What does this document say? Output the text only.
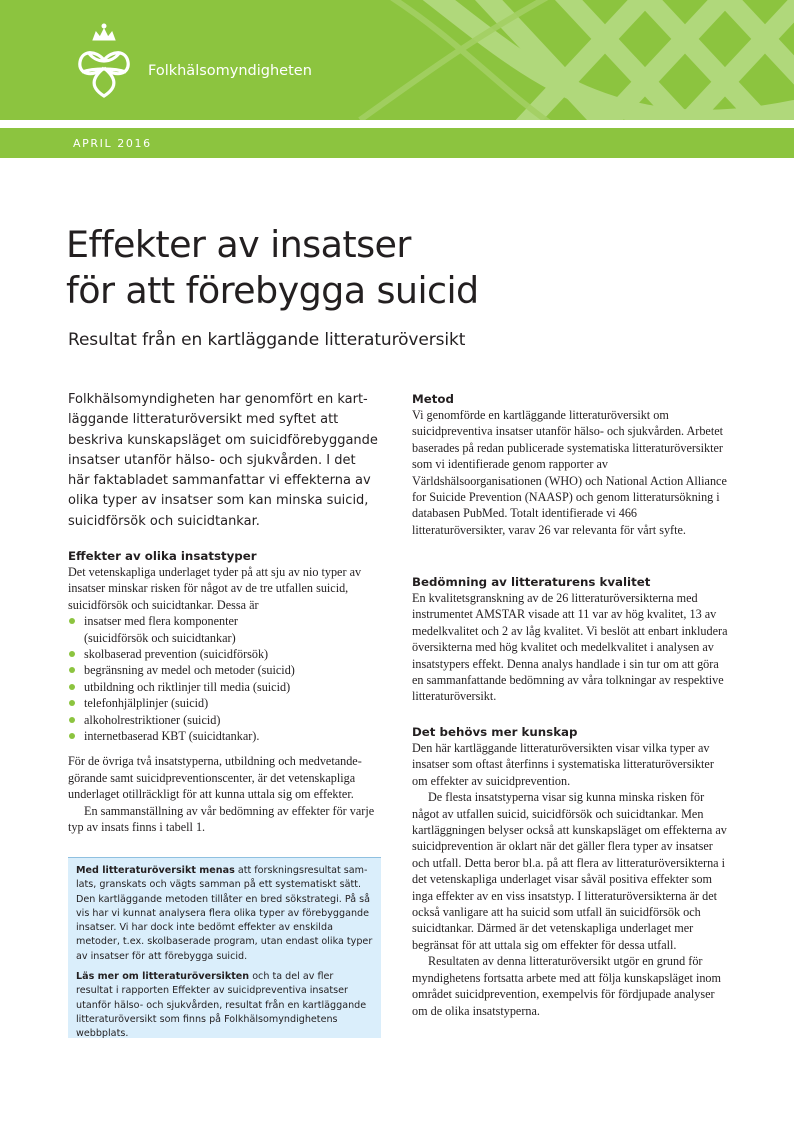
Folkhälsomyndigheten
APRIL 2016
Effekter av insatser
för att förebygga suicid

Resultat från en kartläggande litteraturöversikt

Folkhälsomyndigheten har genomfört en kartläggande litteraturöversikt med syftet att beskriva kunskapsläget om suicidförebyggande insatser utanför hälso- och sjukvården. I det här faktabladet sammanfattar vi effekterna av olika typer av insatser som kan minska suicid, suicidförsök och suicidtankar.

Effekter av olika insatstyper

Det vetenskapliga underlaget tyder på att sju av nio typer av insatser minskar risken för något av de tre utfallen suicid, suicidförsök och suicidtankar. Dessa är

insatser med flera komponenter
(suicidförsök och suicidtankar)
skolbaserad prevention (suicidförsök)
begränsning av medel och metoder (suicid)
utbildning och riktlinjer till media (suicid)
telefonhjälplinjer (suicid)
alkoholrestriktioner (suicid)
internetbaserad KBT (suicidtankar).

För de övriga två insatstyperna, utbildning och medvetandegörande samt suicidpreventionscenter, är det vetenskapliga underlaget otillräckligt för att kunna uttala sig om effekter.

En sammanställning av vår bedömning av effekter för varje typ av insats finns i tabell 1.

Med litteraturöversikt menas att forskningsresultat samlats, granskats och vägts samman på ett systematiskt sätt. Den kartläggande metoden tillåter en bred sökstrategi. På så vis har vi kunnat analysera flera olika typer av förebyggande insatser. Vi har dock inte bedömt effekter av enskilda metoder, t.ex. skolbaserade program, utan endast olika typer av insatser för att förebygga suicid.

Läs mer om litteraturöversikten och ta del av fler resultat i rapporten Effekter av suicidpreventiva insatser utanför hälso- och sjukvården, resultat från en kartläggande litteraturöversikt som finns på Folkhälsomyndighetens webbplats.

Metod

Vi genomförde en kartläggande litteraturöversikt om suicidpreventiva insatser utanför hälso- och sjukvården. Arbetet baserades på redan publicerade systematiska litteraturöversikter som vi identifierade genom rapporter av Världshälsoorganisationen (WHO) och National Action Alliance for Suicide Prevention (NAASP) och genom litteratursökning i databasen PubMed. Totalt identifierade vi 466 litteraturöversikter, varav 26 var relevanta för vårt syfte.

Bedömning av litteraturens kvalitet

En kvalitetsgranskning av de 26 litteraturöversikterna med instrumentet AMSTAR visade att 11 var av hög kvalitet, 13 av medelkvalitet och 2 av låg kvalitet. Vi beslöt att enbart inkludera översikterna med hög kvalitet och medelkvalitet i analysen av insatstypers effekt. Denna analys handlade i sin tur om att göra en sammanfattande bedömning av våra tolkningar av respektive litteraturöversikt.

Det behövs mer kunskap

Den här kartläggande litteraturöversikten visar vilka typer av insatser som oftast återfinns i systematiska litteraturöversikter om effekter av suicidprevention.

De flesta insatstyperna visar sig kunna minska risken för något av utfallen suicid, suicidförsök och suicidtankar. Men kartläggningen belyser också att kunskapsläget om effekterna av suicidprevention är oklart när det gäller flera typer av insatser och utfall. Detta beror bl.a. på att flera av litteraturöversikterna i det vetenskapliga underlaget visar såväl positiva effekter som inga effekter av en viss insatstyp. I litteraturöversikterna är det också vanligare att ha suicid som utfall än suicidförsök och suicidtankar. Därmed är det vetenskapliga underlaget mer begränsat för att uttala sig om effekter för dessa utfall.

Resultaten av denna litteraturöversikt utgör en grund för myndighetens fortsatta arbete med att följa kunskapsläget inom området suicidprevention, exempelvis för fördjupade analyser om de olika insatstyperna.
